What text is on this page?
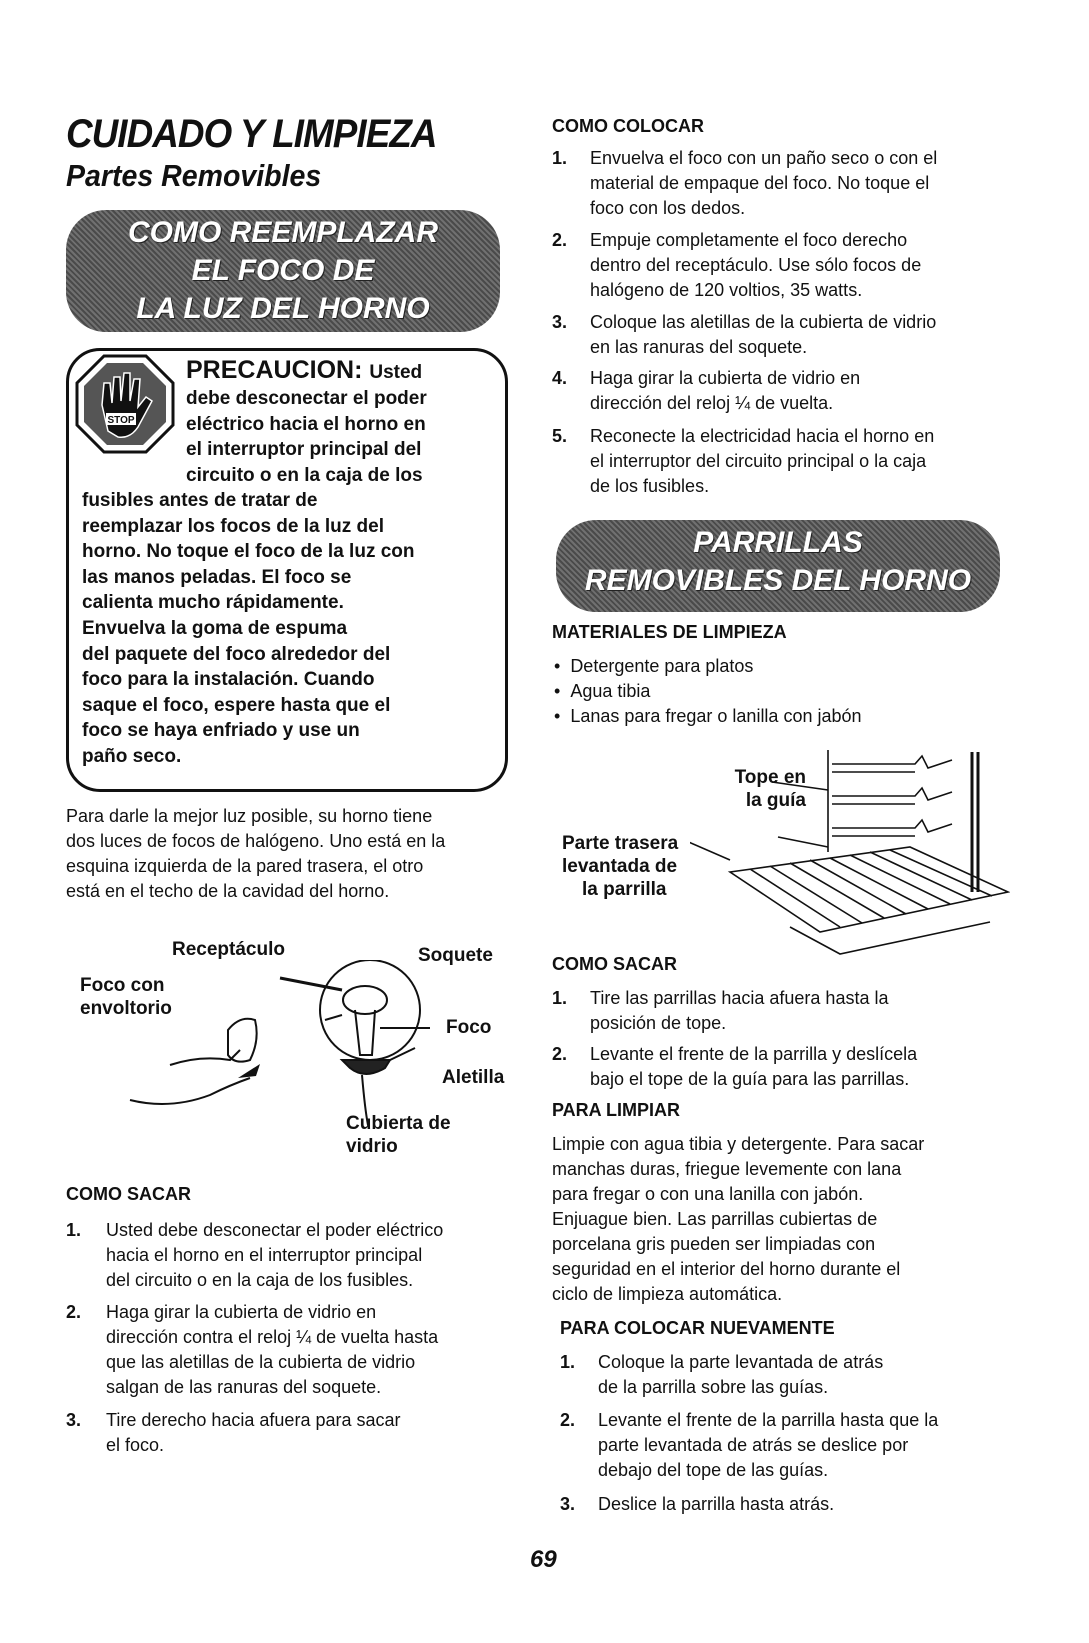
CUIDADO Y LIMPIEZA
Partes Removibles
COMO REEMPLAZAR
EL FOCO DE
LA LUZ DEL HORNO
STOP
PRECAUCION: Usted
debe desconectar el poder
eléctrico hacia el horno en
el interruptor principal del
circuito o en la caja de los
fusibles antes de tratar de
reemplazar los focos de la luz del
horno. No toque el foco de la luz con
las manos peladas. El foco se
calienta mucho rápidamente.
Envuelva la goma de espuma
del paquete del foco alrededor del
foco para la instalación. Cuando
saque el foco, espere hasta que el
foco se haya enfriado y use un
paño seco.
Para darle la mejor luz posible, su horno tiene
dos luces de focos de halógeno. Uno está en la
esquina izquierda de la pared trasera, el otro
está en el techo de la cavidad del horno.
Receptáculo	Soquete
Foco con
envoltorio
Foco
Aletilla
Cubierta de
vidrio
COMO SACAR
1. Usted debe desconectar el poder eléctrico
hacia el horno en el interruptor principal
del circuito o en la caja de los fusibles.
2. Haga girar la cubierta de vidrio en
dirección contra el reloj ¼ de vuelta hasta
que las aletillas de la cubierta de vidrio
salgan de las ranuras del soquete.
3. Tire derecho hacia afuera para sacar
el foco.
COMO COLOCAR
1. Envuelva el foco con un paño seco o con el
material de empaque del foco. No toque el
foco con los dedos.
2. Empuje completamente el foco derecho
dentro del receptáculo. Use sólo focos de
halógeno de 120 voltios, 35 watts.
3. Coloque las aletillas de la cubierta de vidrio
en las ranuras del soquete.
4. Haga girar la cubierta de vidrio en
dirección del reloj ¼ de vuelta.
5. Reconecte la electricidad hacia el horno en
el interruptor del circuito principal o la caja
de los fusibles.
PARRILLAS
REMOVIBLES DEL HORNO
MATERIALES DE LIMPIEZA
•  Detergente para platos
•  Agua tibia
•  Lanas para fregar o lanilla con jabón
Tope en
la guía
Parte trasera
levantada de
la parrilla
COMO SACAR
1. Tire las parrillas hacia afuera hasta la
posición de tope.
2. Levante el frente de la parrilla y deslícela
bajo el tope de la guía para las parrillas.
PARA LIMPIAR
Limpie con agua tibia y detergente. Para sacar
manchas duras, friegue levemente con lana
para fregar o con una lanilla con jabón.
Enjuague bien. Las parrillas cubiertas de
porcelana gris pueden ser limpiadas con
seguridad en el interior del horno durante el
ciclo de limpieza automática.
PARA COLOCAR NUEVAMENTE
1. Coloque la parte levantada de atrás
de la parrilla sobre las guías.
2. Levante el frente de la parrilla hasta que la
parte levantada de atrás se deslice por
debajo del tope de las guías.
3. Deslice la parrilla hasta atrás.
69
